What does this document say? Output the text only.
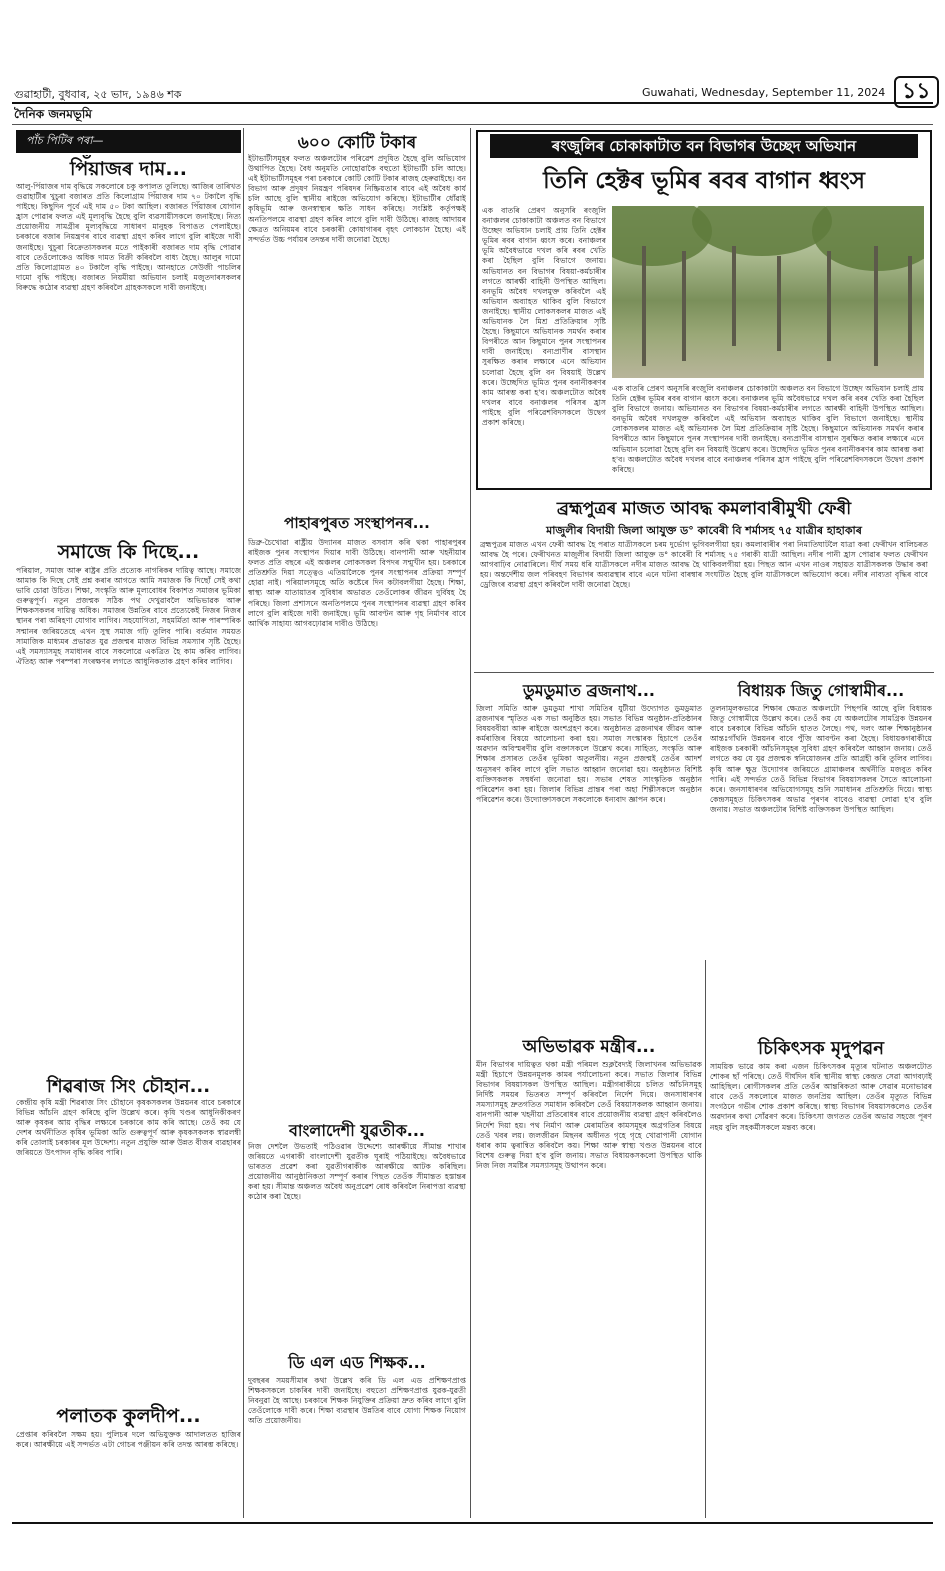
গুৱাহাটী, বুধবাৰ, ২৫ ভাদ, ১৯৪৬ শক	Guwahati, Wednesday, September 11, 2024 ১১
দৈনিক জনমভূমি
পাঁচ পিটিৰ পৰা—
পিঁয়াজৰ দাম...
আলু-পিঁয়াজৰ দাম বৃদ্ধিয়ে সকলোৰে চকু কপালত তুলিছে। আজিৰ তাৰিখত গুৱাহাটীৰ খুচুৰা বজাৰত প্ৰতি কিলোগ্ৰাম পিঁয়াজৰ দাম ৭০ টকালৈ বৃদ্ধি পাইছে। কিছুদিন পূৰ্বে এই দাম ৫০ টকা আছিল। বজাৰত পিঁয়াজৰ যোগান হ্ৰাস পোৱাৰ ফলত এই মূল্যবৃদ্ধি হৈছে বুলি ব্যৱসায়ীসকলে জনাইছে। নিত্য প্ৰয়োজনীয় সামগ্ৰীৰ মূল্যবৃদ্ধিয়ে সাধাৰণ মানুহক বিপাঙত পেলাইছে। চৰকাৰে বজাৰ নিয়ন্ত্ৰণৰ বাবে ব্যৱস্থা গ্ৰহণ কৰিব লাগে বুলি ৰাইজে দাবী জনাইছে। খুচুৰা বিক্ৰেতাসকলৰ মতে পাইকাৰী বজাৰত দাম বৃদ্ধি পোৱাৰ বাবে তেওঁলোকেও অধিক দামত বিক্ৰী কৰিবলৈ বাধ্য হৈছে। আলুৰ দামো প্ৰতি কিলোগ্ৰামত ৪০ টকালৈ বৃদ্ধি পাইছে। আনহাতে সেউজী পাচলিৰ দামো বৃদ্ধি পাইছে। বজাৰত নিয়মীয়া অভিযান চলাই মজুতদাৰসকলৰ বিৰুদ্ধে কঠোৰ ব্যৱস্থা গ্ৰহণ কৰিবলৈ গ্ৰাহকসকলে দাবী জনাইছে।
সমাজে কি দিছে...
পৰিয়াল, সমাজ আৰু ৰাষ্ট্ৰৰ প্ৰতি প্ৰত্যেক নাগৰিকৰ দায়িত্ব আছে। সমাজে আমাক কি দিছে সেই প্ৰশ্ন কৰাৰ আগতে আমি সমাজক কি দিছোঁ সেই কথা ভাবি চোৱা উচিত। শিক্ষা, সংস্কৃতি আৰু মূল্যবোধৰ বিকাশত সমাজৰ ভূমিকা গুৰুত্বপূৰ্ণ। নতুন প্ৰজন্মক সঠিক পথ দেখুৱাবলৈ অভিভাৱক আৰু শিক্ষকসকলৰ দায়িত্ব অধিক। সমাজৰ উন্নতিৰ বাবে প্ৰত্যেকেই নিজৰ নিজৰ স্থানৰ পৰা অৰিহণা যোগাব লাগিব। সহযোগিতা, সহমৰ্মিতা আৰু পাৰস্পৰিক সন্মানৰ জৰিয়তেহে এখন সুস্থ সমাজ গঢ়ি তুলিব পাৰি। বৰ্তমান সময়ত সামাজিক মাধ্যমৰ প্ৰভাৱত যুৱ প্ৰজন্মৰ মাজত বিভিন্ন সমস্যাৰ সৃষ্টি হৈছে। এই সমস্যাসমূহ সমাধানৰ বাবে সকলোৱে একত্ৰিত হৈ কাম কৰিব লাগিব। ঐতিহ্য আৰু পৰম্পৰা সংৰক্ষণৰ লগতে আধুনিকতাক গ্ৰহণ কৰিব লাগিব।
শিৱৰাজ সিং চৌহান...
কেন্দ্ৰীয় কৃষি মন্ত্ৰী শিৱৰাজ সিং চৌহানে কৃষকসকলৰ উন্নয়নৰ বাবে চৰকাৰে বিভিন্ন আঁচনি গ্ৰহণ কৰিছে বুলি উল্লেখ কৰে। কৃষি খণ্ডৰ আধুনিকীকৰণ আৰু কৃষকৰ আয় বৃদ্ধিৰ লক্ষ্যৰে চৰকাৰে কাম কৰি আছে। তেওঁ কয় যে দেশৰ অৰ্থনীতিত কৃষিৰ ভূমিকা অতি গুৰুত্বপূৰ্ণ আৰু কৃষকসকলক স্বাৱলম্বী কৰি তোলাই চৰকাৰৰ মূল উদ্দেশ্য। নতুন প্ৰযুক্তি আৰু উন্নত বীজৰ ব্যৱহাৰৰ জৰিয়তে উৎপাদন বৃদ্ধি কৰিব পাৰি।
পলাতক কুলদীপ...
প্ৰেপ্তাৰ কৰিবলৈ সক্ষম হয়। পুলিচৰ দলে অভিযুক্তক আদালতত হাজিৰ কৰে। আৰক্ষীয়ে এই সন্দৰ্ভত এটা গোচৰ পঞ্জীয়ন কৰি তদন্ত আৰম্ভ কৰিছে।
৬০০ কোটি টকাৰ
ইটাভাটীসমূহৰ ফলত অঞ্চলটোৰ পৰিৱেশ প্ৰদূষিত হৈছে বুলি অভিযোগ উত্থাপিত হৈছে। বৈধ অনুমতি নোহোৱাকৈ বহুতো ইটাভাটী চলি আছে। এই ইটাভাটীসমূহৰ পৰা চৰকাৰে কোটি কোটি টকাৰ ৰাজহ হেৰুৱাইছে। বন বিভাগ আৰু প্ৰদূষণ নিয়ন্ত্ৰণ পৰিষদৰ নিষ্ক্ৰিয়তাৰ বাবে এই অবৈধ কাৰ্য চলি আছে বুলি স্থানীয় ৰাইজে অভিযোগ কৰিছে। ইটাভাটীৰ ধোঁৱাই কৃষিভূমি আৰু জনস্বাস্থ্যৰ ক্ষতি সাধন কৰিছে। সংশ্লিষ্ট কৰ্তৃপক্ষই অনতিপলমে ব্যৱস্থা গ্ৰহণ কৰিব লাগে বুলি দাবী উঠিছে। ৰাজহ আদায়ৰ ক্ষেত্ৰত অনিয়মৰ বাবে চৰকাৰী কোষাগাৰৰ বৃহৎ লোকচান হৈছে। এই সন্দৰ্ভত উচ্চ পৰ্যায়ৰ তদন্তৰ দাবী জনোৱা হৈছে।
পাহাৰপুৰত সংস্থাপনৰ...
ডিব্ৰু-চৈখোৱা ৰাষ্ট্ৰীয় উদ্যানৰ মাজত বসবাস কৰি থকা পাহাৰপুৰৰ ৰাইজক পুনৰ সংস্থাপন দিয়াৰ দাবী উঠিছে। বানপানী আৰু খহনীয়াৰ ফলত প্ৰতি বছৰে এই অঞ্চলৰ লোকসকল বিপদৰ সন্মুখীন হয়। চৰকাৰে প্ৰতিশ্ৰুতি দিয়া সত্ত্বেও এতিয়ালৈকে পুনৰ সংস্থাপনৰ প্ৰক্ৰিয়া সম্পূৰ্ণ হোৱা নাই। পৰিয়ালসমূহে অতি কষ্টেৰে দিন কটাবলগীয়া হৈছে। শিক্ষা, স্বাস্থ্য আৰু যাতায়াতৰ সুবিধাৰ অভাৱত তেওঁলোকৰ জীৱন দুৰ্বিষহ হৈ পৰিছে। জিলা প্ৰশাসনে অনতিপলমে পুনৰ সংস্থাপনৰ ব্যৱস্থা গ্ৰহণ কৰিব লাগে বুলি ৰাইজে দাবী জনাইছে। ভূমি আবণ্টন আৰু গৃহ নিৰ্মাণৰ বাবে আৰ্থিক সাহায্য আগবঢ়োৱাৰ দাবীও উঠিছে।
বাংলাদেশী যুৱতীক...
নিজ দেশলৈ উভতাই পঠিওৱাৰ উদ্দেশ্যে আৰক্ষীয়ে সীমান্ত শাখাৰ জৰিয়তে এগৰাকী বাংলাদেশী যুৱতীক ঘূৰাই পঠিয়াইছে। অবৈধভাৱে ভাৰতত প্ৰৱেশ কৰা যুৱতীগৰাকীক আৰক্ষীয়ে আটক কৰিছিল। প্ৰয়োজনীয় আনুষ্ঠানিকতা সম্পূৰ্ণ কৰাৰ পিছত তেওঁক সীমান্তত হস্তান্তৰ কৰা হয়। সীমান্ত অঞ্চলত অবৈধ অনুপ্ৰৱেশ ৰোধ কৰিবলৈ নিৰাপত্তা ব্যৱস্থা কঠোৰ কৰা হৈছে।
ডি এল এড শিক্ষক...
দুবছৰৰ সময়সীমাৰ কথা উল্লেখ কৰি ডি এল এড প্ৰশিক্ষণপ্ৰাপ্ত শিক্ষকসকলে চাকৰিৰ দাবী জনাইছে। বহুতো প্ৰশিক্ষণপ্ৰাপ্ত যুৱক-যুৱতী নিবনুৱা হৈ আছে। চৰকাৰে শিক্ষক নিযুক্তিৰ প্ৰক্ৰিয়া দ্ৰুত কৰিব লাগে বুলি তেওঁলোকে দাবী কৰে। শিক্ষা ব্যৱস্থাৰ উন্নতিৰ বাবে যোগ্য শিক্ষক নিয়োগ অতি প্ৰয়োজনীয়।
ৰংজুলিৰ চোকাকাটাত বন বিভাগৰ উচ্ছেদ অভিযান
তিনি হেক্টৰ ভূমিৰ ৰবৰ বাগান ধ্বংস
এক বাতৰি প্ৰেৰণ অনুসৰি ৰংজুলি বনাঞ্চলৰ চোকাকাটা অঞ্চলত বন বিভাগে উচ্ছেদ অভিযান চলাই প্ৰায় তিনি হেক্টৰ ভূমিৰ ৰবৰ বাগান ধ্বংস কৰে। বনাঞ্চলৰ ভূমি অবৈধভাৱে দখল কৰি ৰবৰ খেতি কৰা হৈছিল বুলি বিভাগে জনায়। অভিযানত বন বিভাগৰ বিষয়া-কৰ্মচাৰীৰ লগতে আৰক্ষী বাহিনী উপস্থিত আছিল। বনভূমি অবৈধ দখলমুক্ত কৰিবলৈ এই অভিযান অব্যাহত থাকিব বুলি বিভাগে জনাইছে। স্থানীয় লোকসকলৰ মাজত এই অভিযানক লৈ মিশ্ৰ প্ৰতিক্ৰিয়াৰ সৃষ্টি হৈছে। কিছুমানে অভিযানক সমৰ্থন কৰাৰ বিপৰীতে আন কিছুমানে পুনৰ সংস্থাপনৰ দাবী জনাইছে। বন্যপ্ৰাণীৰ বাসস্থান সুৰক্ষিত কৰাৰ লক্ষ্যৰে এনে অভিযান চলোৱা হৈছে বুলি বন বিষয়াই উল্লেখ কৰে। উচ্ছেদিত ভূমিত পুনৰ বনানীকৰণৰ কাম আৰম্ভ কৰা হ'ব। অঞ্চলটোত অবৈধ দখলৰ বাবে বনাঞ্চলৰ পৰিসৰ হ্ৰাস পাইছে বুলি পৰিৱেশবিদসকলে উদ্বেগ প্ৰকাশ কৰিছে।
এক বাতৰি প্ৰেৰণ অনুসৰি ৰংজুলি বনাঞ্চলৰ চোকাকাটা অঞ্চলত বন বিভাগে উচ্ছেদ অভিযান চলাই প্ৰায় তিনি হেক্টৰ ভূমিৰ ৰবৰ বাগান ধ্বংস কৰে। বনাঞ্চলৰ ভূমি অবৈধভাৱে দখল কৰি ৰবৰ খেতি কৰা হৈছিল বুলি বিভাগে জনায়। অভিযানত বন বিভাগৰ বিষয়া-কৰ্মচাৰীৰ লগতে আৰক্ষী বাহিনী উপস্থিত আছিল। বনভূমি অবৈধ দখলমুক্ত কৰিবলৈ এই অভিযান অব্যাহত থাকিব বুলি বিভাগে জনাইছে। স্থানীয় লোকসকলৰ মাজত এই অভিযানক লৈ মিশ্ৰ প্ৰতিক্ৰিয়াৰ সৃষ্টি হৈছে। কিছুমানে অভিযানক সমৰ্থন কৰাৰ বিপৰীতে আন কিছুমানে পুনৰ সংস্থাপনৰ দাবী জনাইছে। বন্যপ্ৰাণীৰ বাসস্থান সুৰক্ষিত কৰাৰ লক্ষ্যৰে এনে অভিযান চলোৱা হৈছে বুলি বন বিষয়াই উল্লেখ কৰে। উচ্ছেদিত ভূমিত পুনৰ বনানীকৰণৰ কাম আৰম্ভ কৰা হ'ব। অঞ্চলটোত অবৈধ দখলৰ বাবে বনাঞ্চলৰ পৰিসৰ হ্ৰাস পাইছে বুলি পৰিৱেশবিদসকলে উদ্বেগ প্ৰকাশ কৰিছে।
ব্ৰহ্মপুত্ৰৰ মাজত আবদ্ধ কমলাবাৰীমুখী ফেৰী
মাজুলীৰ বিদায়ী জিলা আযুক্ত ড° কাবেৰী বি শৰ্মাসহ ৭৫ যাত্ৰীৰ হাহাকাৰ
ব্ৰহ্মপুত্ৰৰ মাজত এখন ফেৰী আবদ্ধ হৈ পৰাত যাত্ৰীসকলে চৰম দুৰ্ভোগ ভুগিবলগীয়া হয়। কমলাবাৰীৰ পৰা নিমাতিঘাটলৈ যাত্ৰা কৰা ফেৰীখন বালিচৰত আবদ্ধ হৈ পৰে। ফেৰীখনত মাজুলীৰ বিদায়ী জিলা আযুক্ত ড° কাবেৰী বি শৰ্মাসহ ৭৫ গৰাকী যাত্ৰী আছিল। নদীৰ পানী হ্ৰাস পোৱাৰ ফলত ফেৰীখন আগবাঢ়িব নোৱাৰিলে। দীৰ্ঘ সময় ধৰি যাত্ৰীসকলে নদীৰ মাজত আবদ্ধ হৈ থাকিবলগীয়া হয়। পিছত আন এখন নাওৰ সহায়ত যাত্ৰীসকলক উদ্ধাৰ কৰা হয়। অন্তৰ্দেশীয় জল পৰিবহণ বিভাগৰ অব্যৱস্থাৰ বাবে এনে ঘটনা বাৰম্বাৰ সংঘটিত হৈছে বুলি যাত্ৰীসকলে অভিযোগ কৰে। নদীৰ নাব্যতা বৃদ্ধিৰ বাবে ড্ৰেজিংৰ ব্যৱস্থা গ্ৰহণ কৰিবলৈ দাবী জনোৱা হৈছে।
ডুমডুমাত ব্ৰজনাথ...
জিলা সমিতি আৰু ডুমডুমা শাখা সমিতিৰ যুটীয়া উদ্যোগত ডুমডুমাত ব্ৰজনাথৰ স্মৃতিত এক সভা অনুষ্ঠিত হয়। সভাত বিভিন্ন অনুষ্ঠান-প্ৰতিষ্ঠানৰ বিষয়ববীয়া আৰু ৰাইজে অংশগ্ৰহণ কৰে। অনুষ্ঠানত ব্ৰজনাথৰ জীৱন আৰু কৰ্মৰাজিৰ বিষয়ে আলোচনা কৰা হয়। সমাজ সংস্কাৰক হিচাপে তেওঁৰ অৱদান অবিস্মৰণীয় বুলি বক্তাসকলে উল্লেখ কৰে। সাহিত্য, সংস্কৃতি আৰু শিক্ষাৰ প্ৰসাৰত তেওঁৰ ভূমিকা অতুলনীয়। নতুন প্ৰজন্মই তেওঁৰ আদৰ্শ অনুসৰণ কৰিব লাগে বুলি সভাত আহ্বান জনোৱা হয়। অনুষ্ঠানত বিশিষ্ট ব্যক্তিসকলক সম্বৰ্ধনা জনোৱা হয়। সভাৰ শেষত সাংস্কৃতিক অনুষ্ঠান পৰিৱেশন কৰা হয়। জিলাৰ বিভিন্ন প্ৰান্তৰ পৰা অহা শিল্পীসকলে অনুষ্ঠান পৰিৱেশন কৰে। উদ্যোক্তাসকলে সকলোকে ধন্যবাদ জ্ঞাপন কৰে।
বিধায়ক জিতু গোস্বামীৰ...
তুলনামূলকভাৱে শিক্ষাৰ ক্ষেত্ৰত অঞ্চলটো পিছপৰি আছে বুলি বিধায়ক জিতু গোস্বামীয়ে উল্লেখ কৰে। তেওঁ কয় যে অঞ্চলটোৰ সামগ্ৰিক উন্নয়নৰ বাবে চৰকাৰে বিভিন্ন আঁচনি হাতত লৈছে। পথ, দলং আৰু শিক্ষানুষ্ঠানৰ আন্তঃগাঁথনি উন্নয়নৰ বাবে পুঁজি আবণ্টন কৰা হৈছে। বিধায়কগৰাকীয়ে ৰাইজক চৰকাৰী আঁচনিসমূহৰ সুবিধা গ্ৰহণ কৰিবলৈ আহ্বান জনায়। তেওঁ লগতে কয় যে যুৱ প্ৰজন্মক স্বনিয়োজনৰ প্ৰতি আগ্ৰহী কৰি তুলিব লাগিব। কৃষি আৰু ক্ষুদ্ৰ উদ্যোগৰ জৰিয়তে গ্ৰামাঞ্চলৰ অৰ্থনীতি মজবুত কৰিব পাৰি। এই সন্দৰ্ভত তেওঁ বিভিন্ন বিভাগৰ বিষয়াসকলৰ সৈতে আলোচনা কৰে। জনসাধাৰণৰ অভিযোগসমূহ শুনি সমাধানৰ প্ৰতিশ্ৰুতি দিয়ে। স্বাস্থ্য কেন্দ্ৰসমূহত চিকিৎসকৰ অভাৱ পূৰণৰ বাবেও ব্যৱস্থা লোৱা হ'ব বুলি জনায়। সভাত অঞ্চলটোৰ বিশিষ্ট ব্যক্তিসকল উপস্থিত আছিল।
অভিভাৱক মন্ত্ৰীৰ...
মীন বিভাগৰ দায়িত্বত থকা মন্ত্ৰী পৰিমল শুক্লবৈদ্যই জিলাখনৰ অভিভাৱক মন্ত্ৰী হিচাপে উন্নয়নমূলক কামৰ পৰ্যালোচনা কৰে। সভাত জিলাৰ বিভিন্ন বিভাগৰ বিষয়াসকল উপস্থিত আছিল। মন্ত্ৰীগৰাকীয়ে চলিত আঁচনিসমূহ নিৰ্দিষ্ট সময়ৰ ভিতৰত সম্পূৰ্ণ কৰিবলৈ নিৰ্দেশ দিয়ে। জনসাধাৰণৰ সমস্যাসমূহ দ্ৰুতগতিত সমাধান কৰিবলৈ তেওঁ বিষয়াসকলক আহ্বান জনায়। বানপানী আৰু খহনীয়া প্ৰতিৰোধৰ বাবে প্ৰয়োজনীয় ব্যৱস্থা গ্ৰহণ কৰিবলৈও নিৰ্দেশ দিয়া হয়। পথ নিৰ্মাণ আৰু মেৰামতিৰ কামসমূহৰ অগ্ৰগতিৰ বিষয়ে তেওঁ খবৰ লয়। জলজীৱন মিছনৰ অধীনত গৃহে গৃহে খোৱাপানী যোগান ধৰাৰ কাম ত্বৰান্বিত কৰিবলৈ কয়। শিক্ষা আৰু স্বাস্থ্য খণ্ডত উন্নয়নৰ বাবে বিশেষ গুৰুত্ব দিয়া হ'ব বুলি জনায়। সভাত বিধায়কসকলো উপস্থিত থাকি নিজ নিজ সমষ্টিৰ সমস্যাসমূহ উত্থাপন কৰে।
চিকিৎসক মৃদুপৱন
সাময়িক ভাৱে কাম কৰা এজন চিকিৎসকৰ মৃত্যুৰ ঘটনাত অঞ্চলটোত শোকৰ ছাঁ পৰিছে। তেওঁ দীৰ্ঘদিন ধৰি স্থানীয় স্বাস্থ্য কেন্দ্ৰত সেৱা আগবঢ়াই আহিছিল। ৰোগীসকলৰ প্ৰতি তেওঁৰ আন্তৰিকতা আৰু সেৱাৰ মনোভাৱৰ বাবে তেওঁ সকলোৰে মাজত জনপ্ৰিয় আছিল। তেওঁৰ মৃত্যুত বিভিন্ন সংগঠনে গভীৰ শোক প্ৰকাশ কৰিছে। স্বাস্থ্য বিভাগৰ বিষয়াসকলেও তেওঁৰ অৱদানৰ কথা সোঁৱৰণ কৰে। চিকিৎসা জগতত তেওঁৰ অভাৱ সহজে পূৰণ নহয় বুলি সহকৰ্মীসকলে মন্তব্য কৰে।
